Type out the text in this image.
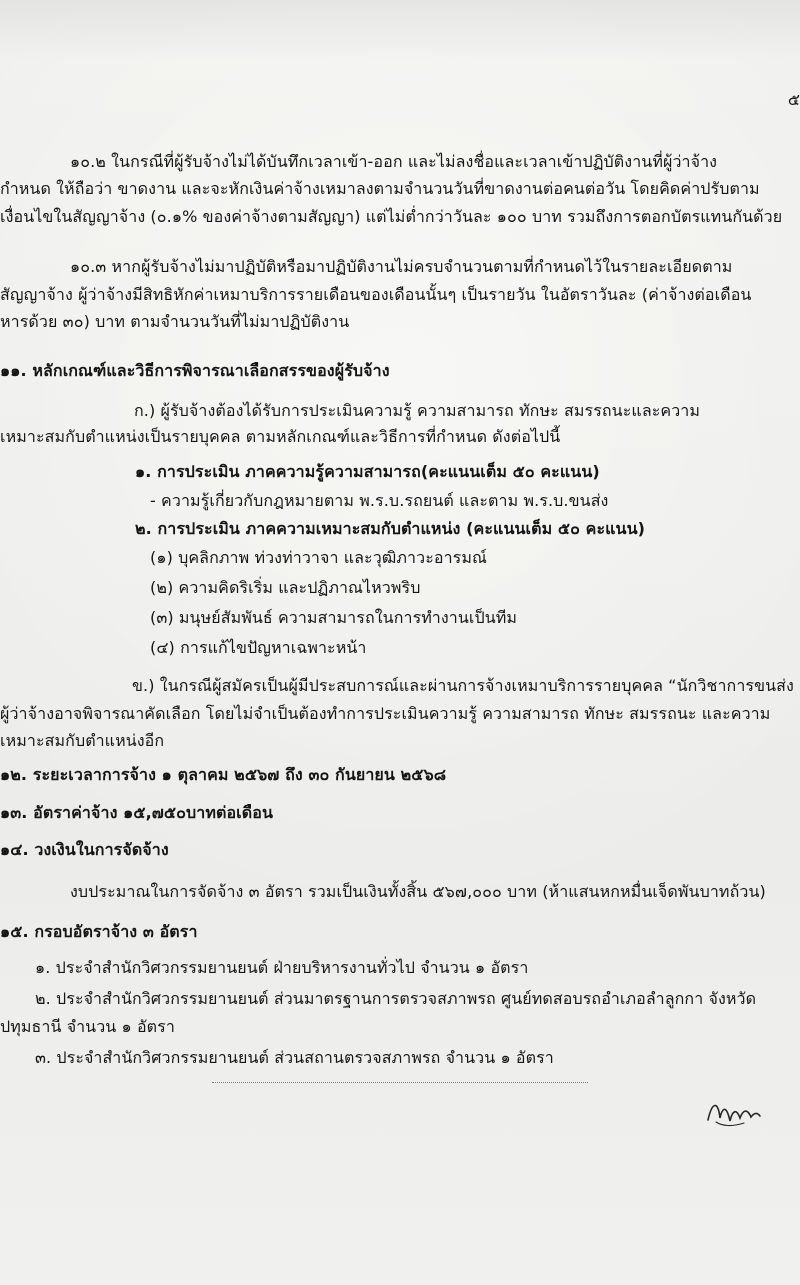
๕
๑๐.๒ ในกรณีที่ผู้รับจ้างไม่ได้บันทึกเวลาเข้า-ออก และไม่ลงชื่อและเวลาเข้าปฏิบัติงานที่ผู้ว่าจ้าง
กำหนด ให้ถือว่า ขาดงาน และจะหักเงินค่าจ้างเหมาลงตามจำนวนวันที่ขาดงานต่อคนต่อวัน โดยคิดค่าปรับตาม
เงื่อนไขในสัญญาจ้าง (๐.๑% ของค่าจ้างตามสัญญา) แต่ไม่ต่ำกว่าวันละ ๑๐๐ บาท รวมถึงการตอกบัตรแทนกันด้วย
๑๐.๓ หากผู้รับจ้างไม่มาปฏิบัติหรือมาปฏิบัติงานไม่ครบจำนวนตามที่กำหนดไว้ในรายละเอียดตาม
สัญญาจ้าง ผู้ว่าจ้างมีสิทธิหักค่าเหมาบริการรายเดือนของเดือนนั้นๆ เป็นรายวัน ในอัตราวันละ (ค่าจ้างต่อเดือน
หารด้วย ๓๐) บาท ตามจำนวนวันที่ไม่มาปฏิบัติงาน
๑๑. หลักเกณฑ์และวิธีการพิจารณาเลือกสรรของผู้รับจ้าง
ก.) ผู้รับจ้างต้องได้รับการประเมินความรู้ ความสามารถ ทักษะ สมรรถนะและความ
เหมาะสมกับตำแหน่งเป็นรายบุคคล ตามหลักเกณฑ์และวิธีการที่กำหนด ดังต่อไปนี้
๑. การประเมิน ภาคความรู้ความสามารถ(คะแนนเต็ม ๕๐ คะแนน)
- ความรู้เกี่ยวกับกฎหมายตาม พ.ร.บ.รถยนต์ และตาม พ.ร.บ.ขนส่ง
๒. การประเมิน ภาคความเหมาะสมกับตำแหน่ง (คะแนนเต็ม ๕๐ คะแนน)
(๑) บุคลิกภาพ ท่วงท่าวาจา และวุฒิภาวะอารมณ์
(๒) ความคิดริเริ่ม และปฏิภาณไหวพริบ
(๓) มนุษย์สัมพันธ์ ความสามารถในการทำงานเป็นทีม
(๔) การแก้ไขปัญหาเฉพาะหน้า
ข.) ในกรณีผู้สมัครเป็นผู้มีประสบการณ์และผ่านการจ้างเหมาบริการรายบุคคล “นักวิชาการขนส่ง
ผู้ว่าจ้างอาจพิจารณาคัดเลือก โดยไม่จำเป็นต้องทำการประเมินความรู้ ความสามารถ ทักษะ สมรรถนะ และความ
เหมาะสมกับตำแหน่งอีก
๑๒. ระยะเวลาการจ้าง ๑ ตุลาคม ๒๕๖๗ ถึง ๓๐ กันยายน ๒๕๖๘
๑๓. อัตราค่าจ้าง ๑๕,๗๕๐บาทต่อเดือน
๑๔. วงเงินในการจัดจ้าง
งบประมาณในการจัดจ้าง ๓ อัตรา รวมเป็นเงินทั้งสิ้น ๕๖๗,๐๐๐ บาท (ห้าแสนหกหมื่นเจ็ดพันบาทถ้วน)
๑๕. กรอบอัตราจ้าง ๓ อัตรา
๑. ประจำสำนักวิศวกรรมยานยนต์ ฝ่ายบริหารงานทั่วไป จำนวน ๑ อัตรา
๒. ประจำสำนักวิศวกรรมยานยนต์ ส่วนมาตรฐานการตรวจสภาพรถ ศูนย์ทดสอบรถอำเภอลำลูกกา จังหวัด
ปทุมธานี จำนวน ๑ อัตรา
๓. ประจำสำนักวิศวกรรมยานยนต์ ส่วนสถานตรวจสภาพรถ จำนวน ๑ อัตรา
